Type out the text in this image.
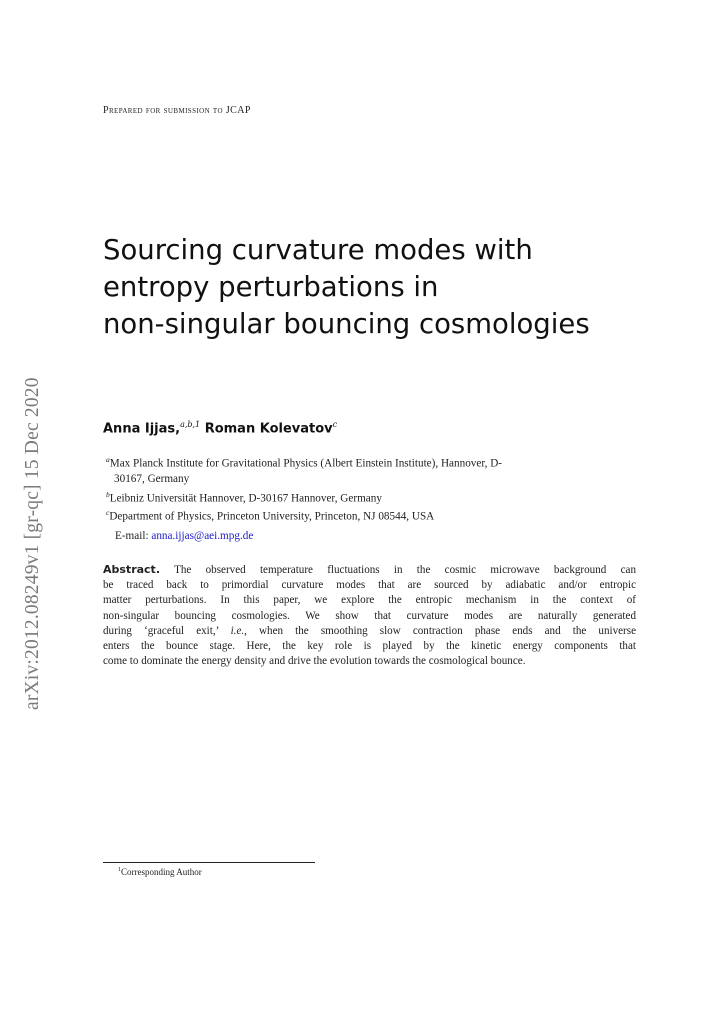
arXiv:2012.08249v1 [gr-qc] 15 Dec 2020
Prepared for submission to JCAP
Sourcing curvature modes with
entropy perturbations in
non-singular bouncing cosmologies
Anna Ijjas,$^{a,b,1}$ Roman Kolevatov$^c$
$^a$Max Planck Institute for Gravitational Physics (Albert Einstein Institute), Hannover, D-
30167, Germany
$^b$Leibniz Universität Hannover, D-30167 Hannover, Germany
$^c$Department of Physics, Princeton University, Princeton, NJ 08544, USA
E-mail: anna.ijjas@aei.mpg.de
Abstract. The observed temperature fluctuations in the cosmic microwave background can
be traced back to primordial curvature modes that are sourced by adiabatic and/or entropic
matter perturbations. In this paper, we explore the entropic mechanism in the context of
non-singular bouncing cosmologies. We show that curvature modes are naturally generated
during ‘graceful exit,’ i.e., when the smoothing slow contraction phase ends and the universe
enters the bounce stage. Here, the key role is played by the kinetic energy components that
come to dominate the energy density and drive the evolution towards the cosmological bounce.
$^1$Corresponding Author
